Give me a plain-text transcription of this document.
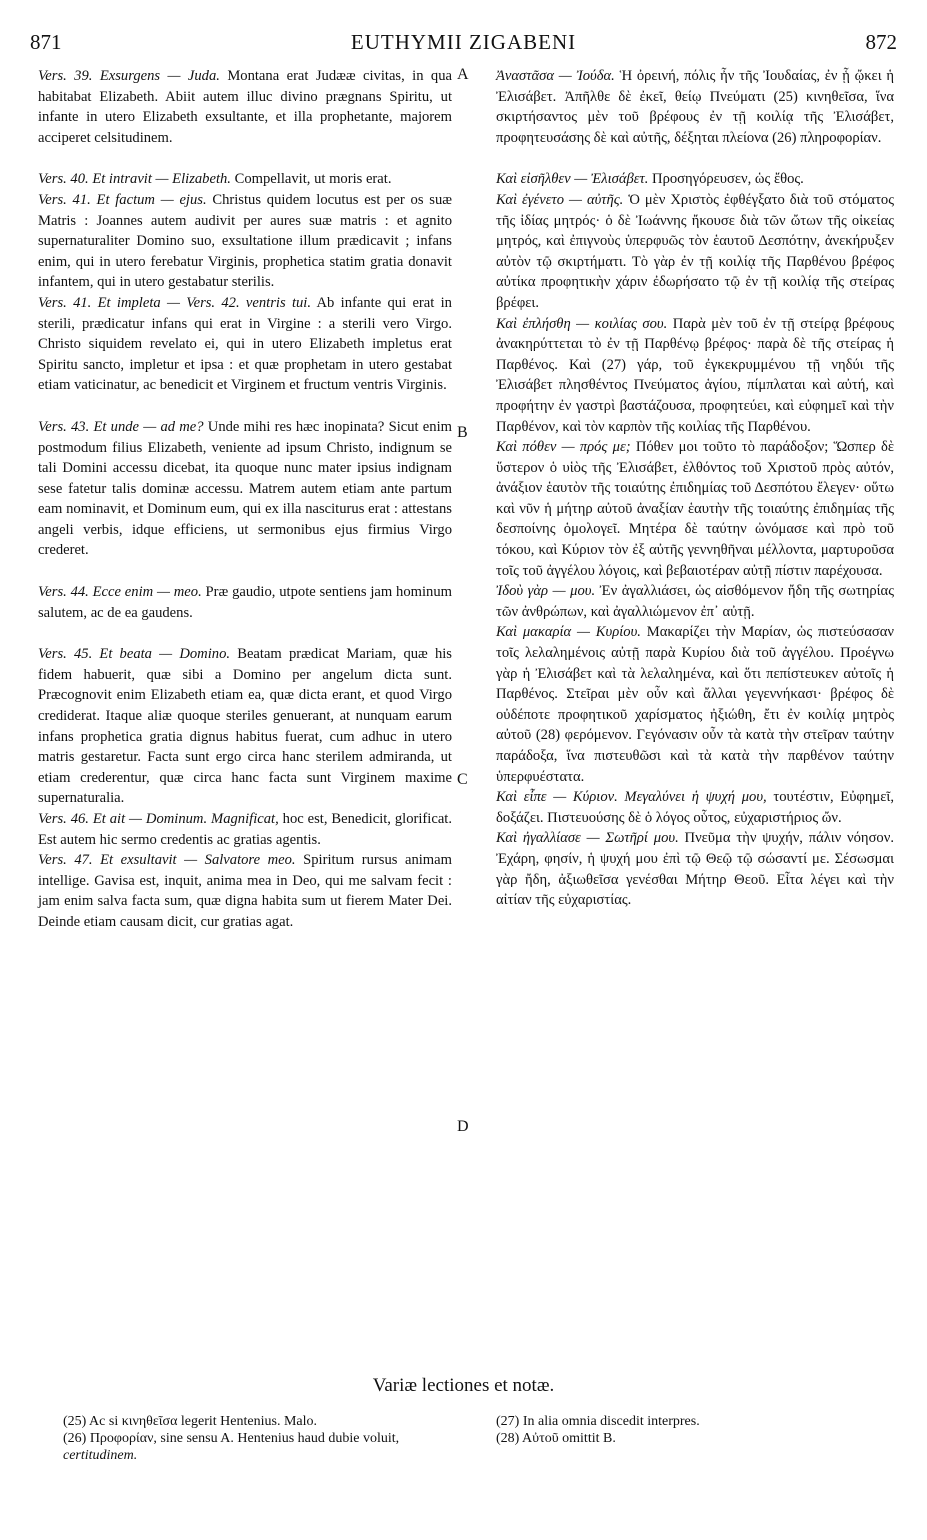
871	EUTHYMII ZIGABENI	872

Vers. 39. Exsurgens — Juda. Montana erat Judææ civitas, in qua habitabat Elizabeth. Abiit autem illuc divino prægnans Spiritu, ut infante in utero Elizabeth exsultante, et illa prophetante, majorem acciperet celsitudinem.

Vers. 40. Et intravit — Elizabeth. Compellavit, ut moris erat.

Vers. 41. Et factum — ejus. Christus quidem locutus est per os suæ Matris : Joannes autem audivit per aures suæ matris : et agnito supernaturaliter Domino suo, exsultatione illum prædicavit ; infans enim, qui in utero ferebatur Virginis, prophetica statim gratia donavit infantem, qui in utero gestabatur sterilis.

Vers. 41. Et impleta — Vers. 42. ventris tui. Ab infante qui erat in sterili, prædicatur infans qui erat in Virgine : a sterili vero Virgo. Christo siquidem revelato ei, qui in utero Elizabeth impletus erat Spiritu sancto, impletur et ipsa : et quæ prophetam in utero gestabat etiam vaticinatur, ac benedicit et Virginem et fructum ventris Virginis.

Vers. 43. Et unde — ad me? Unde mihi res hæc inopinata? Sicut enim postmodum filius Elizabeth, veniente ad ipsum Christo, indignum se tali Domini accessu dicebat, ita quoque nunc mater ipsius indignam sese fatetur talis dominæ accessu. Matrem autem etiam ante partum eam nominavit, et Dominum eum, qui ex illa nasciturus erat : attestans angeli verbis, idque efficiens, ut sermonibus ejus firmius Virgo crederet.

Vers. 44. Ecce enim — meo. Præ gaudio, utpote sentiens jam hominum salutem, ac de ea gaudens.

Vers. 45. Et beata — Domino. Beatam prædicat Mariam, quæ his fidem habuerit, quæ sibi a Domino per angelum dicta sunt. Præcognovit enim Elizabeth etiam ea, quæ dicta erant, et quod Virgo crediderat. Itaque aliæ quoque steriles genuerant, at nunquam earum infans prophetica gratia dignus habitus fuerat, cum adhuc in utero matris gestaretur. Facta sunt ergo circa hanc sterilem admiranda, ut etiam crederentur, quæ circa hanc facta sunt Virginem maxime supernaturalia.

Vers. 46. Et ait — Dominum. Magnificat, hoc est, Benedicit, glorificat. Est autem hic sermo credentis ac gratias agentis.

Vers. 47. Et exsultavit — Salvatore meo. Spiritum rursus animam intellige. Gavisa est, inquit, anima mea in Deo, qui me salvam fecit : jam enim salva facta sum, quæ digna habita sum ut fierem Mater Dei. Deinde etiam causam dicit, cur gratias agat.

Ἀναστᾶσα — Ἰούδα. Ἡ ὀρεινή, πόλις ἦν τῆς Ἰουδαίας, ἐν ᾗ ᾤκει ἡ Ἐλισάβετ. Ἀπῆλθε δὲ ἐκεῖ, θείῳ Πνεύματι (25) κινηθεῖσα, ἵνα σκιρτήσαντος μὲν τοῦ βρέφους ἐν τῇ κοιλίᾳ τῆς Ἐλισάβετ, προφητευσάσης δὲ καὶ αὐτῆς, δέξηται πλείονα (26) πληροφορίαν.

Καὶ εἰσῆλθεν — Ἐλισάβετ. Προσηγόρευσεν, ὡς ἔθος.

Καὶ ἐγένετο — αὐτῆς. Ὁ μὲν Χριστὸς ἐφθέγξατο διὰ τοῦ στόματος τῆς ἰδίας μητρός· ὁ δὲ Ἰωάννης ἤκουσε διὰ τῶν ὤτων τῆς οἰκείας μητρός, καὶ ἐπιγνοὺς ὑπερφυῶς τὸν ἑαυτοῦ Δεσπότην, ἀνεκήρυξεν αὐτὸν τῷ σκιρτήματι. Τὸ γὰρ ἐν τῇ κοιλίᾳ τῆς Παρθένου βρέφος αὐτίκα προφητικὴν χάριν ἐδωρήσατο τῷ ἐν τῇ κοιλίᾳ τῆς στείρας βρέφει.

Καὶ ἐπλήσθη — κοιλίας σου. Παρὰ μὲν τοῦ ἐν τῇ στείρᾳ βρέφους ἀνακηρύττεται τὸ ἐν τῇ Παρθένῳ βρέφος· παρὰ δὲ τῆς στείρας ἡ Παρθένος. Καὶ (27) γάρ, τοῦ ἐγκεκρυμμένου τῇ νηδύι τῆς Ἐλισάβετ πλησθέντος Πνεύματος ἁγίου, πίμπλαται καὶ αὐτή, καὶ προφήτην ἐν γαστρὶ βαστάζουσα, προφητεύει, καὶ εὐφημεῖ καὶ τὴν Παρθένον, καὶ τὸν καρπὸν τῆς κοιλίας τῆς Παρθένου.

Καὶ πόθεν — πρός με; Πόθεν μοι τοῦτο τὸ παράδοξον; Ὥσπερ δὲ ὕστερον ὁ υἱὸς τῆς Ἐλισάβετ, ἐλθόντος τοῦ Χριστοῦ πρὸς αὐτόν, ἀνάξιον ἑαυτὸν τῆς τοιαύτης ἐπιδημίας τοῦ Δεσπότου ἔλεγεν· οὕτω καὶ νῦν ἡ μήτηρ αὐτοῦ ἀναξίαν ἑαυτὴν τῆς τοιαύτης ἐπιδημίας τῆς δεσποίνης ὁμολογεῖ. Μητέρα δὲ ταύτην ὠνόμασε καὶ πρὸ τοῦ τόκου, καὶ Κύριον τὸν ἐξ αὐτῆς γεννηθῆναι μέλλοντα, μαρτυροῦσα τοῖς τοῦ ἀγγέλου λόγοις, καὶ βεβαιοτέραν αὐτῇ πίστιν παρέχουσα.

Ἰδοὺ γὰρ — μου. Ἐν ἀγαλλιάσει, ὡς αἰσθόμενον ἤδη τῆς σωτηρίας τῶν ἀνθρώπων, καὶ ἀγαλλιώμενον ἐπ᾽ αὐτῇ.

Καὶ μακαρία — Κυρίου. Μακαρίζει τὴν Μαρίαν, ὡς πιστεύσασαν τοῖς λελαλημένοις αὐτῇ παρὰ Κυρίου διὰ τοῦ ἀγγέλου. Προέγνω γὰρ ἡ Ἐλισάβετ καὶ τὰ λελαλημένα, καὶ ὅτι πεπίστευκεν αὐτοῖς ἡ Παρθένος. Στεῖραι μὲν οὖν καὶ ἄλλαι γεγεννήκασι· βρέφος δὲ οὐδέποτε προφητικοῦ χαρίσματος ἠξιώθη, ἔτι ἐν κοιλίᾳ μητρὸς αὐτοῦ (28) φερόμενον. Γεγόνασιν οὖν τὰ κατὰ τὴν στεῖραν ταύτην παράδοξα, ἵνα πιστευθῶσι καὶ τὰ κατὰ τὴν παρθένον ταύτην ὑπερφυέστατα.

Καὶ εἶπε — Κύριον. Μεγαλύνει ἡ ψυχή μου, τουτέστιν, Εὐφημεῖ, δοξάζει. Πιστευούσης δὲ ὁ λόγος οὗτος, εὐχαριστήριος ὤν.

Καὶ ἠγαλλίασε — Σωτῆρί μου. Πνεῦμα τὴν ψυχήν, πάλιν νόησον. Ἐχάρη, φησίν, ἡ ψυχή μου ἐπὶ τῷ Θεῷ τῷ σώσαντί με. Σέσωσμαι γὰρ ἤδη, ἀξιωθεῖσα γενέσθαι Μήτηρ Θεοῦ. Εἶτα λέγει καὶ τὴν αἰτίαν τῆς εὐχαριστίας.

A
B
C
D
Variæ lectiones et notæ.

(25) Ac si κινηθεῖσα legerit Hentenius. Malo.

(26) Προφορίαν, sine sensu A. Hentenius haud dubie voluit, certitudinem.

(27) In alia omnia discedit interpres.

(28) Αὐτοῦ omittit B.
